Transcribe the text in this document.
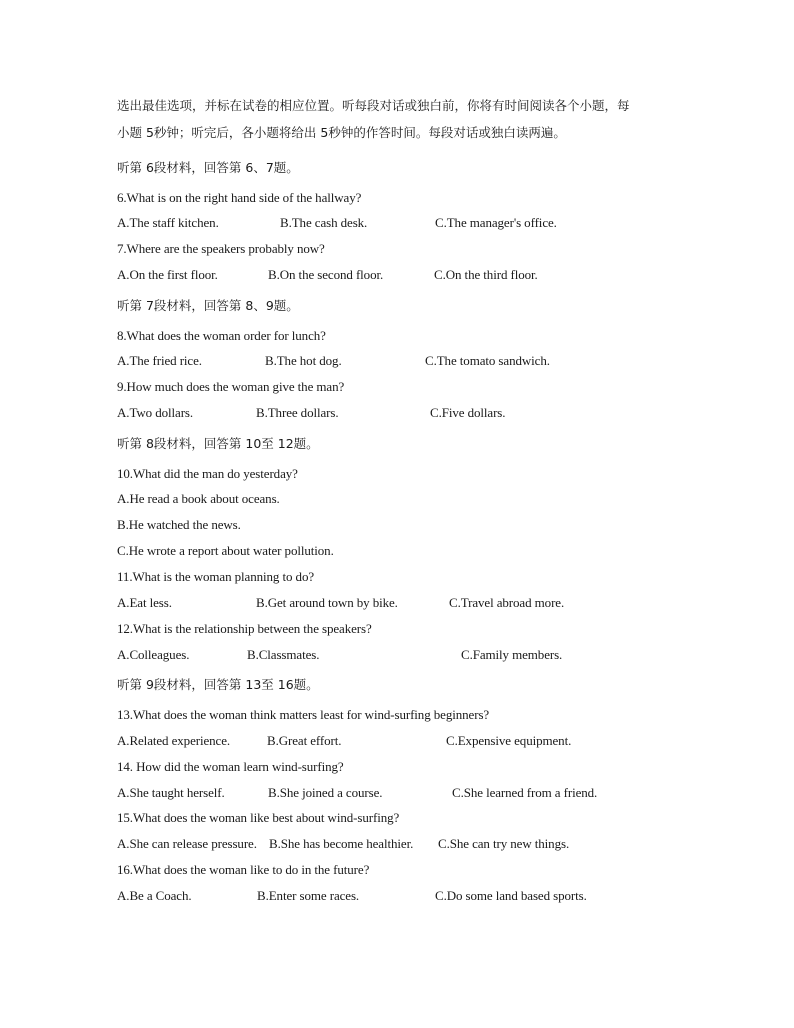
选出最佳选项，并标在试卷的相应位置。听每段对话或独白前，你将有时间阅读各个小题，每
小题 5秒钟；听完后，各小题将给出 5秒钟的作答时间。每段对话或独白读两遍。
听第 6段材料，回答第 6、7题。
6.What is on the right hand side of the hallway?
A.The staff kitchen.	B.The cash desk.	C.The manager's office.
7.Where are the speakers probably now?
A.On the first floor.	B.On the second floor.	C.On the third floor.
听第 7段材料，回答第 8、9题。
8.What does the woman order for lunch?
A.The fried rice.	B.The hot dog.	C.The tomato sandwich.
9.How much does the woman give the man?
A.Two dollars.	B.Three dollars.	C.Five dollars.
听第 8段材料，回答第 10至 12题。
10.What did the man do yesterday?
A.He read a book about oceans.
B.He watched the news.
C.He wrote a report about water pollution.
11.What is the woman planning to do?
A.Eat less.	B.Get around town by bike.	C.Travel abroad more.
12.What is the relationship between the speakers?
A.Colleagues.	B.Classmates.	C.Family members.
听第 9段材料，回答第 13至 16题。
13.What does the woman think matters least for wind-surfing beginners?
A.Related experience.	B.Great effort.	C.Expensive equipment.
14. How did the woman learn wind-surfing?
A.She taught herself.	B.She joined a course.	C.She learned from a friend.
15.What does the woman like best about wind-surfing?
A.She can release pressure. B.She has become healthier. C.She can try new things.
16.What does the woman like to do in the future?
A.Be a Coach.	B.Enter some races.	C.Do some land based sports.
